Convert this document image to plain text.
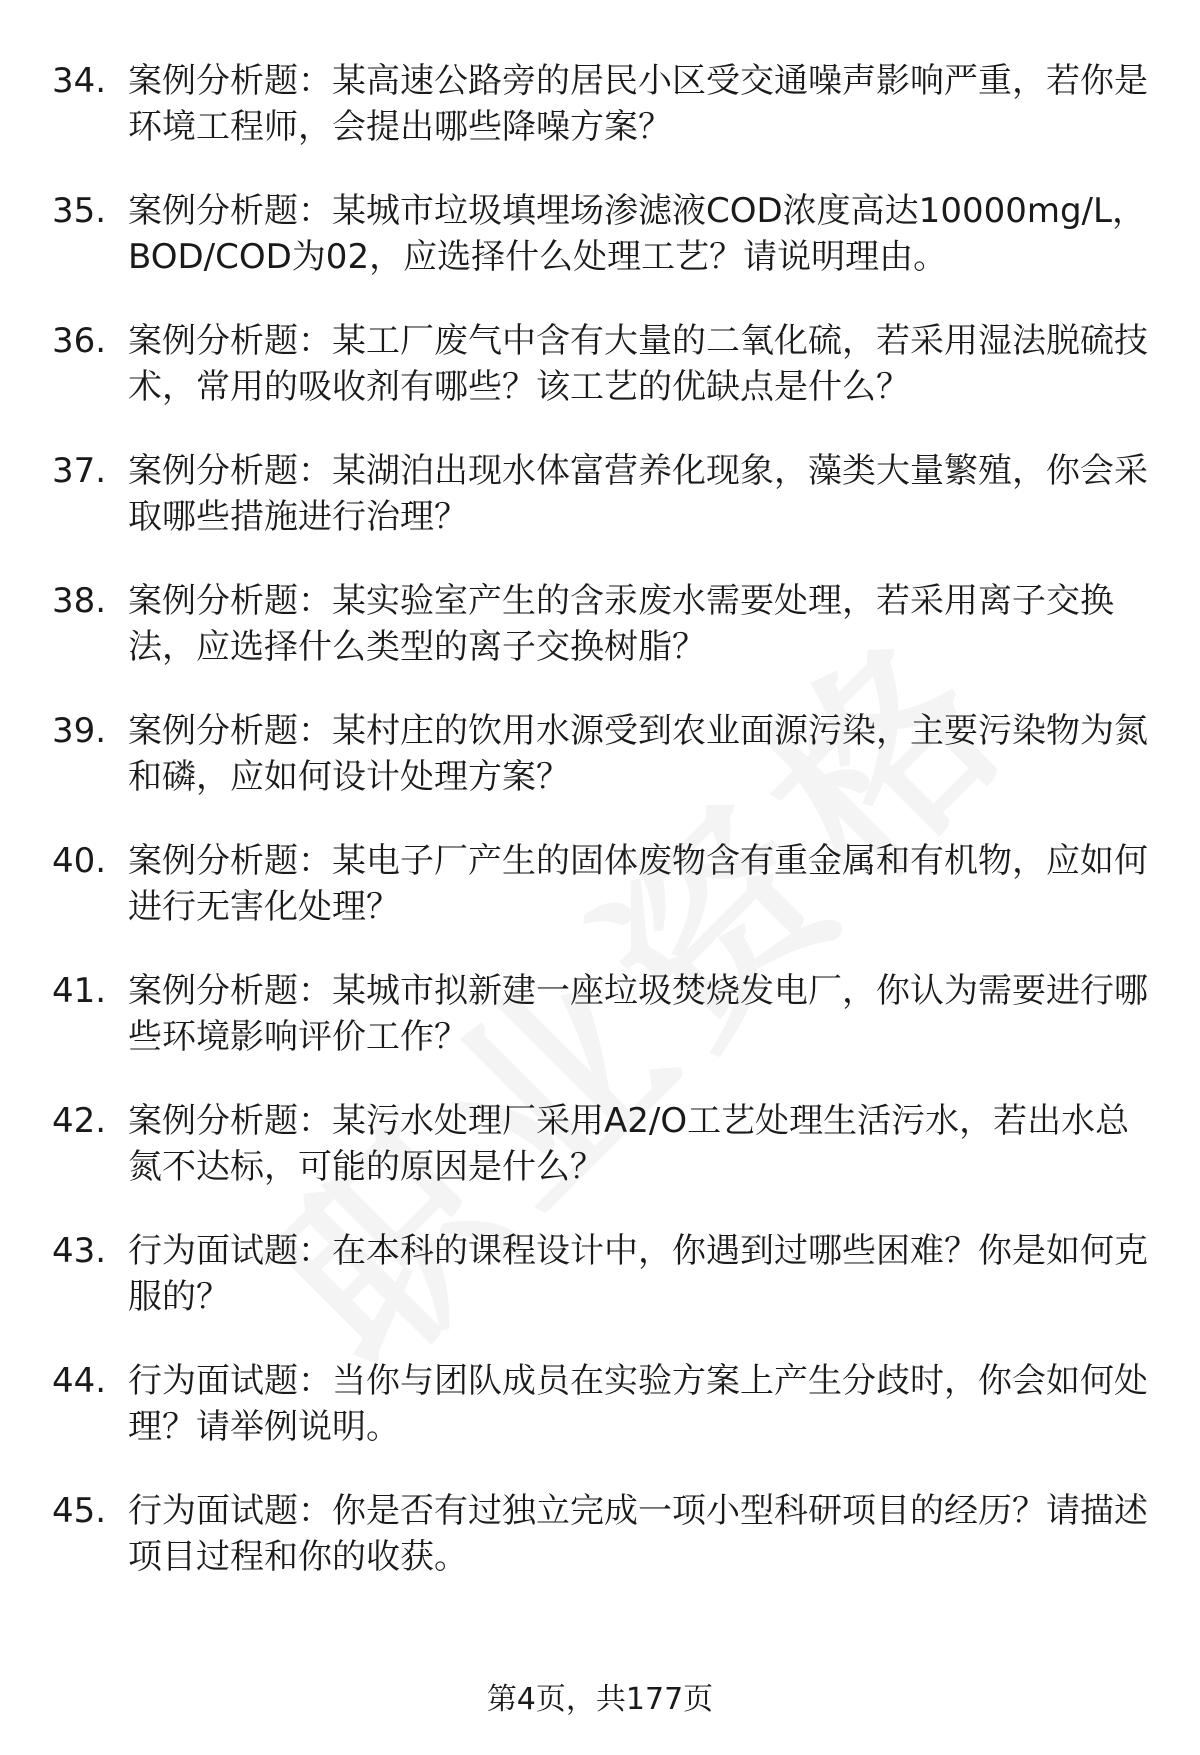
34. 案例分析题：某高速公路旁的居民小区受交通噪声影响严重，若你是环境工程师，会提出哪些降噪方案？
35. 案例分析题：某城市垃圾填埋场渗滤液COD浓度高达10000mg/L，BOD/COD为02，应选择什么处理工艺？请说明理由。
36. 案例分析题：某工厂废气中含有大量的二氧化硫，若采用湿法脱硫技术，常用的吸收剂有哪些？该工艺的优缺点是什么？
37. 案例分析题：某湖泊出现水体富营养化现象，藻类大量繁殖，你会采取哪些措施进行治理？
38. 案例分析题：某实验室产生的含汞废水需要处理，若采用离子交换法，应选择什么类型的离子交换树脂？
39. 案例分析题：某村庄的饮用水源受到农业面源污染，主要污染物为氮和磷，应如何设计处理方案？
40. 案例分析题：某电子厂产生的固体废物含有重金属和有机物，应如何进行无害化处理？
41. 案例分析题：某城市拟新建一座垃圾焚烧发电厂，你认为需要进行哪些环境影响评价工作？
42. 案例分析题：某污水处理厂采用A2/O工艺处理生活污水，若出水总氮不达标，可能的原因是什么？
43. 行为面试题：在本科的课程设计中，你遇到过哪些困难？你是如何克服的？
44. 行为面试题：当你与团队成员在实验方案上产生分歧时，你会如何处理？请举例说明。
45. 行为面试题：你是否有过独立完成一项小型科研项目的经历？请描述项目过程和你的收获。
第4页，共177页
